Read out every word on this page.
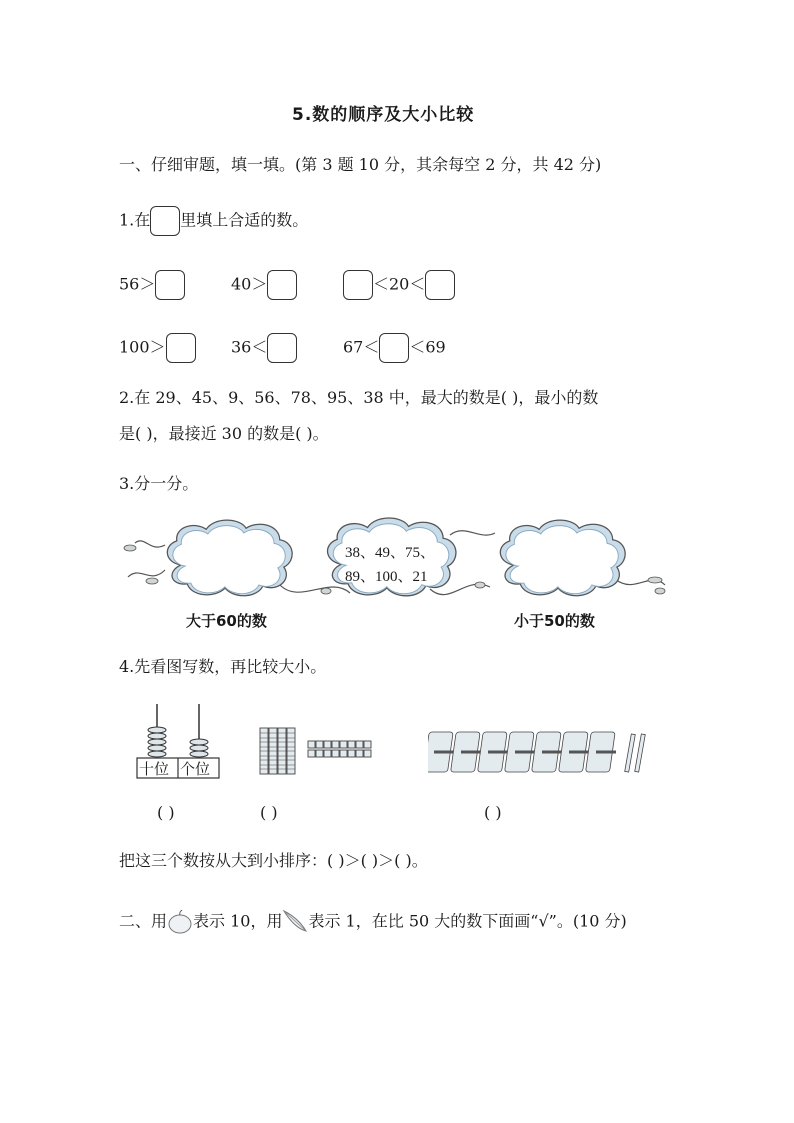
5.数的顺序及大小比较
一、仔细审题，填一填。(第 3 题 10 分，其余每空 2 分，共 42 分)
1.在 里填上合适的数。
56＞	40＞	＜20＜
100＞	36＜	67＜ ＜69
2.在 29、45、9、56、78、95、38 中，最大的数是( )，最小的数
是( )，最接近 30 的数是( )。
3.分一分。
38、49、75、
89、100、21
大于60的数	小于50的数
4.先看图写数，再比较大小。
十位 个位
( )	( )	( )
把这三个数按从大到小排序：( )＞( )＞( )。
二、用 表示 10，用 表示 1，在比 50 大的数下面画“√”。(10 分)
